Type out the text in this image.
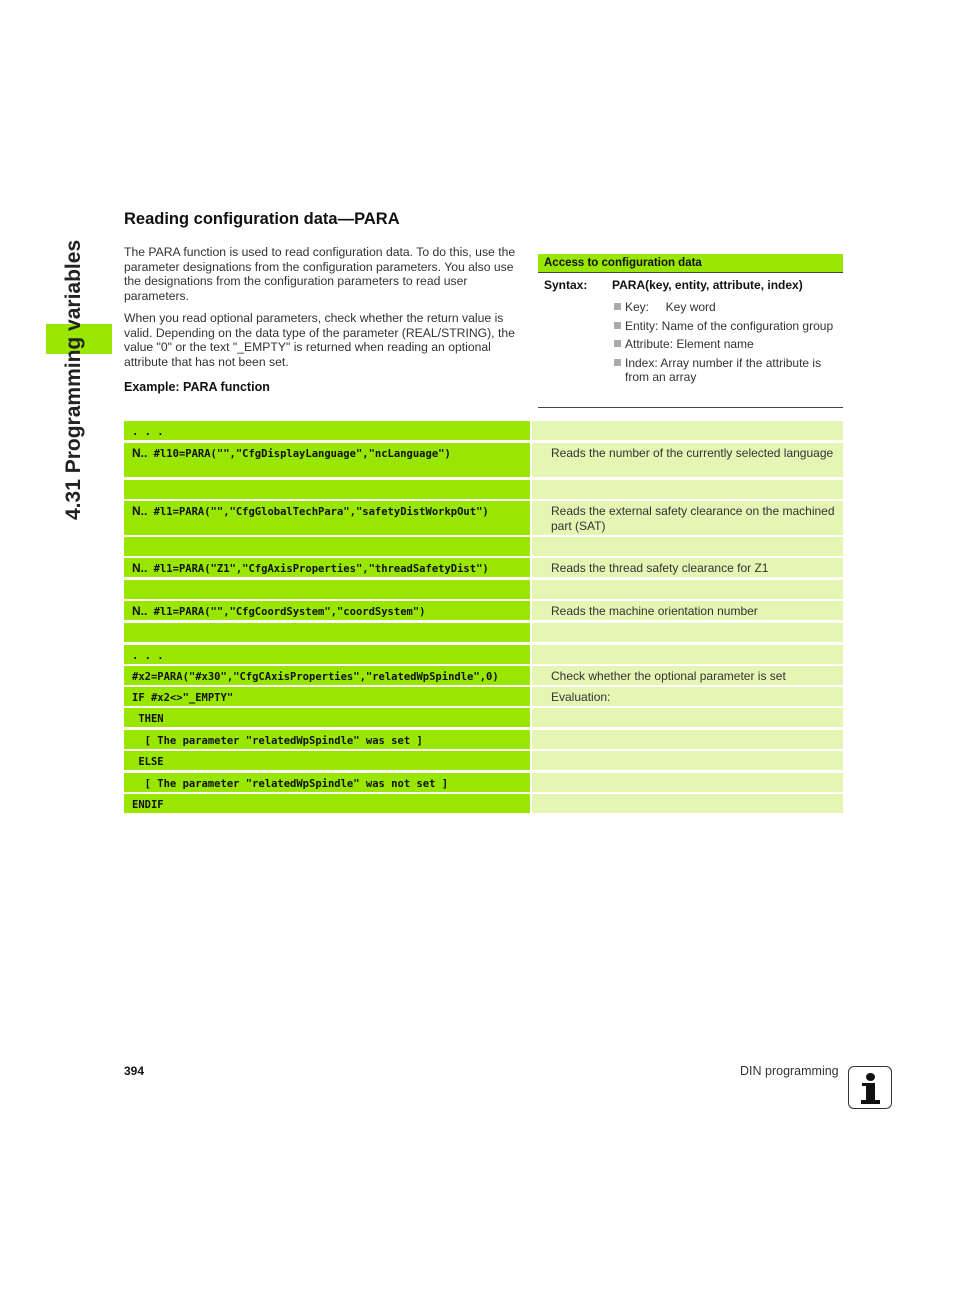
4.31 Programming variables
Reading configuration data—PARA

The PARA function is used to read configuration data. To do this, use the parameter designations from the configuration parameters. You also use the designations from the configuration parameters to read user parameters.

When you read optional parameters, check whether the return value is valid. Depending on the data type of the parameter (REAL/STRING), the value "0" or the text "_EMPTY" is returned when reading an optional attribute that has not been set.

Example: PARA function
Access to configuration data
Syntax: PARA(key, entity, attribute, index)
Key:     Key word
Entity: Name of the configuration group
Attribute: Element name
Index: Array number if the attribute is from an array
. . .
N.. #l10=PARA("","CfgDisplayLanguage","ncLanguage")	Reads the number of the currently selected language
N.. #l1=PARA("","CfgGlobalTechPara","safetyDistWorkpOut")	Reads the external safety clearance on the machined part (SAT)
N.. #l1=PARA("Z1","CfgAxisProperties","threadSafetyDist")	Reads the thread safety clearance for Z1
N.. #l1=PARA("","CfgCoordSystem","coordSystem")	Reads the machine orientation number
. . .
#x2=PARA("#x30","CfgCAxisProperties","relatedWpSpindle",0)	Check whether the optional parameter is set
IF #x2<>"_EMPTY"	Evaluation:
THEN
[ The parameter "relatedWpSpindle" was set ]
ELSE
[ The parameter "relatedWpSpindle" was not set ]
ENDIF
394	DIN programming
